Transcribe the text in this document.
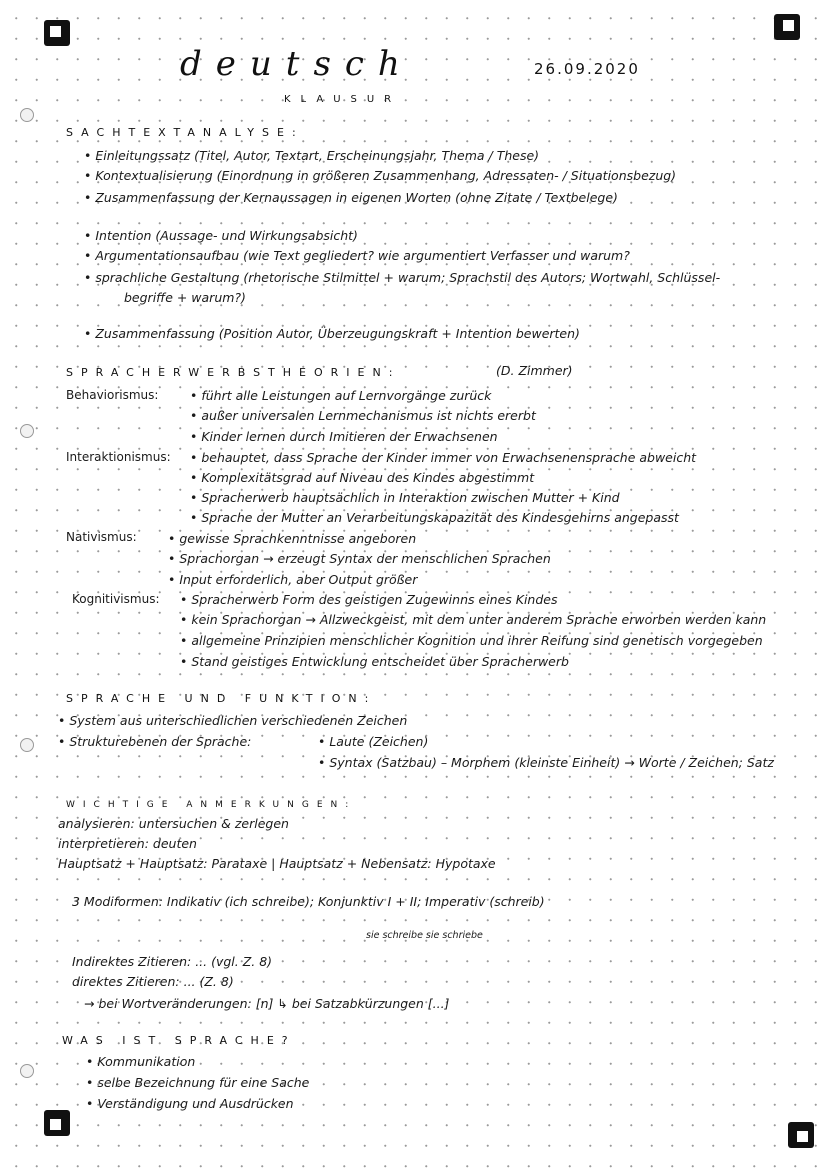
deutsch	26.09.2020
KLAUSUR
SACHTEXTANALYSE:
• Einleitungssatz (Titel, Autor, Textart, Erscheinungsjahr, Thema / These)
• Kontextualisierung (Einordnung in größeren Zusammenhang, Adressaten- / Situationsbezug)
• Zusammenfassung der Kernaussagen in eigenen Worten (ohne Zitate / Textbelege)
• Intention (Aussage- und Wirkungsabsicht)
• Argumentationsaufbau (wie Text gegliedert? wie argumentiert Verfasser und warum?
• sprachliche Gestaltung (rhetorische Stilmittel + warum; Sprachstil des Autors; Wortwahl, Schlüssel-
begriffe + warum?)
• Zusammenfassung (Position Autor, Überzeugungskraft + Intention bewerten)
SPRACHERWERBSTHEORIEN:	(D. Zimmer)
Behaviorismus:	• führt alle Leistungen auf Lernvorgänge zurück
• außer universalen Lernmechanismus ist nichts ererbt
• Kinder lernen durch Imitieren der Erwachsenen
Interaktionismus: • behauptet, dass Sprache der Kinder immer von Erwachsenensprache abweicht
• Komplexitätsgrad auf Niveau des Kindes abgestimmt
• Spracherwerb hauptsächlich in Interaktion zwischen Mutter + Kind
• Sprache der Mutter an Verarbeitungskapazität des Kindesgehirns angepasst
Nativismus:	• gewisse Sprachkenntnisse angeboren
• Sprachorgan → erzeugt Syntax der menschlichen Sprachen
• Input erforderlich, aber Output größer
Kognitivismus: • Spracherwerb Form des geistigen Zugewinns eines Kindes
• kein Sprachorgan → Allzweckgeist, mit dem unter anderem Sprache erworben werden kann
• allgemeine Prinzipien menschlicher Kognition und ihrer Reifung sind genetisch vorgegeben
• Stand geistiges Entwicklung entscheidet über Spracherwerb
SPRACHE UND FUNKTION:
• System aus unterschiedlichen verschiedenen Zeichen
• Strukturebenen der Sprache:	• Laute (Zeichen)
• Syntax (Satzbau) – Morphem (kleinste Einheit) → Worte / Zeichen; Satz
WICHTIGE ANMERKUNGEN:
analysieren: untersuchen & zerlegen
interpretieren: deuten
Hauptsatz + Hauptsatz: Parataxe | Hauptsatz + Nebensatz: Hypotaxe
3 Modiformen: Indikativ (ich schreibe); Konjunktiv I + II; Imperativ (schreib)
sie schreibe sie schriebe
Indirektes Zitieren: ... (vgl. Z. 8)
direktes Zitieren: ... (Z. 8)
→ bei Wortveränderungen: [n] ↳ bei Satzabkürzungen [...]
WAS IST SPRACHE?
• Kommunikation
• selbe Bezeichnung für eine Sache
• Verständigung und Ausdrücken
